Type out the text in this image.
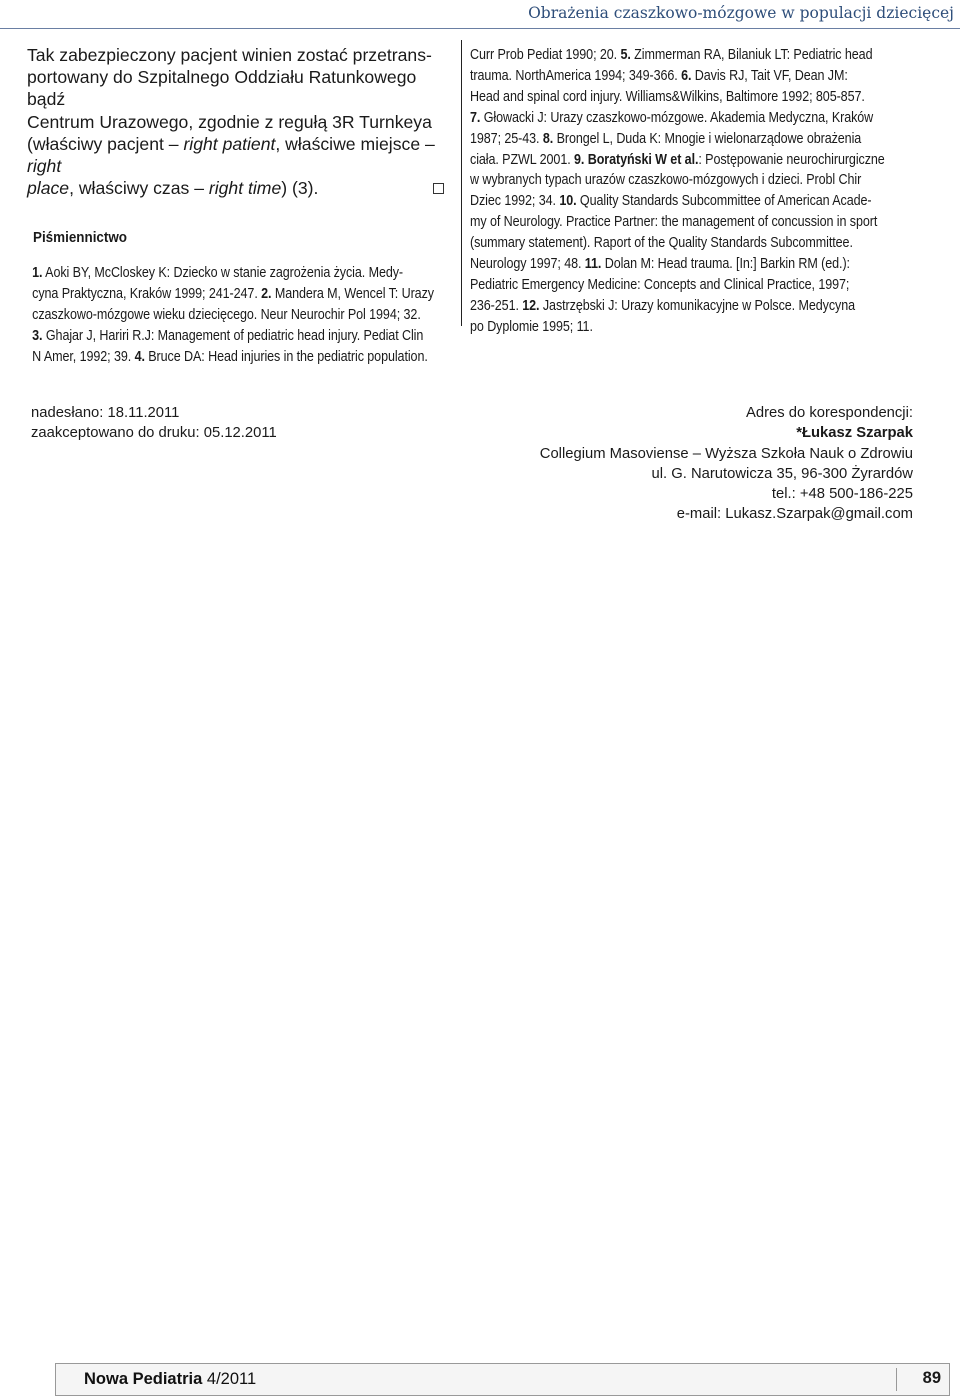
Obrażenia czaszkowo-mózgowe w populacji dziecięcej
Tak zabezpieczony pacjent winien zostać przetrans-
portowany do Szpitalnego Oddziału Ratunkowego bądź
Centrum Urazowego, zgodnie z regułą 3R Turnkeya
(właściwy pacjent – right patient, właściwe miejsce – right
place, właściwy czas – right time) (3).
Piśmiennictwo
1. Aoki BY, McCloskey K: Dziecko w stanie zagrożenia życia. Medy-
cyna Praktyczna, Kraków 1999; 241-247. 2. Mandera M, Wencel T: Urazy
czaszkowo-mózgowe wieku dziecięcego. Neur Neurochir Pol 1994; 32.
3. Ghajar J, Hariri R.J: Management of pediatric head injury. Pediat Clin
N Amer, 1992; 39. 4. Bruce DA: Head injuries in the pediatric population.
Curr Prob Pediat 1990; 20. 5. Zimmerman RA, Bilaniuk LT: Pediatric head
trauma. NorthAmerica 1994; 349-366. 6. Davis RJ, Tait VF, Dean JM:
Head and spinal cord injury. Williams&Wilkins, Baltimore 1992; 805-857.
7. Głowacki J: Urazy czaszkowo-mózgowe. Akademia Medyczna, Kraków
1987; 25-43. 8. Brongel L, Duda K: Mnogie i wielonarządowe obrażenia
ciała. PZWL 2001. 9. Boratyński W et al.: Postępowanie neurochirurgiczne
w wybranych typach urazów czaszkowo-mózgowych i dzieci. Probl Chir
Dziec 1992; 34. 10. Quality Standards Subcommittee of American Acade-
my of Neurology. Practice Partner: the management of concussion in sport
(summary statement). Raport of the Quality Standards Subcommittee.
Neurology 1997; 48. 11. Dolan M: Head trauma. [In:] Barkin RM (ed.):
Pediatric Emergency Medicine: Concepts and Clinical Practice, 1997;
236-251. 12. Jastrzębski J: Urazy komunikacyjne w Polsce. Medycyna
po Dyplomie 1995; 11.
nadesłano: 18.11.2011
zaakceptowano do druku: 05.12.2011
Adres do korespondencji:
*Łukasz Szarpak
Collegium Masoviense – Wyższa Szkoła Nauk o Zdrowiu
ul. G. Narutowicza 35, 96-300 Żyrardów
tel.: +48 500-186-225
e-mail: Lukasz.Szarpak@gmail.com
Nowa Pediatria 4/2011	89
